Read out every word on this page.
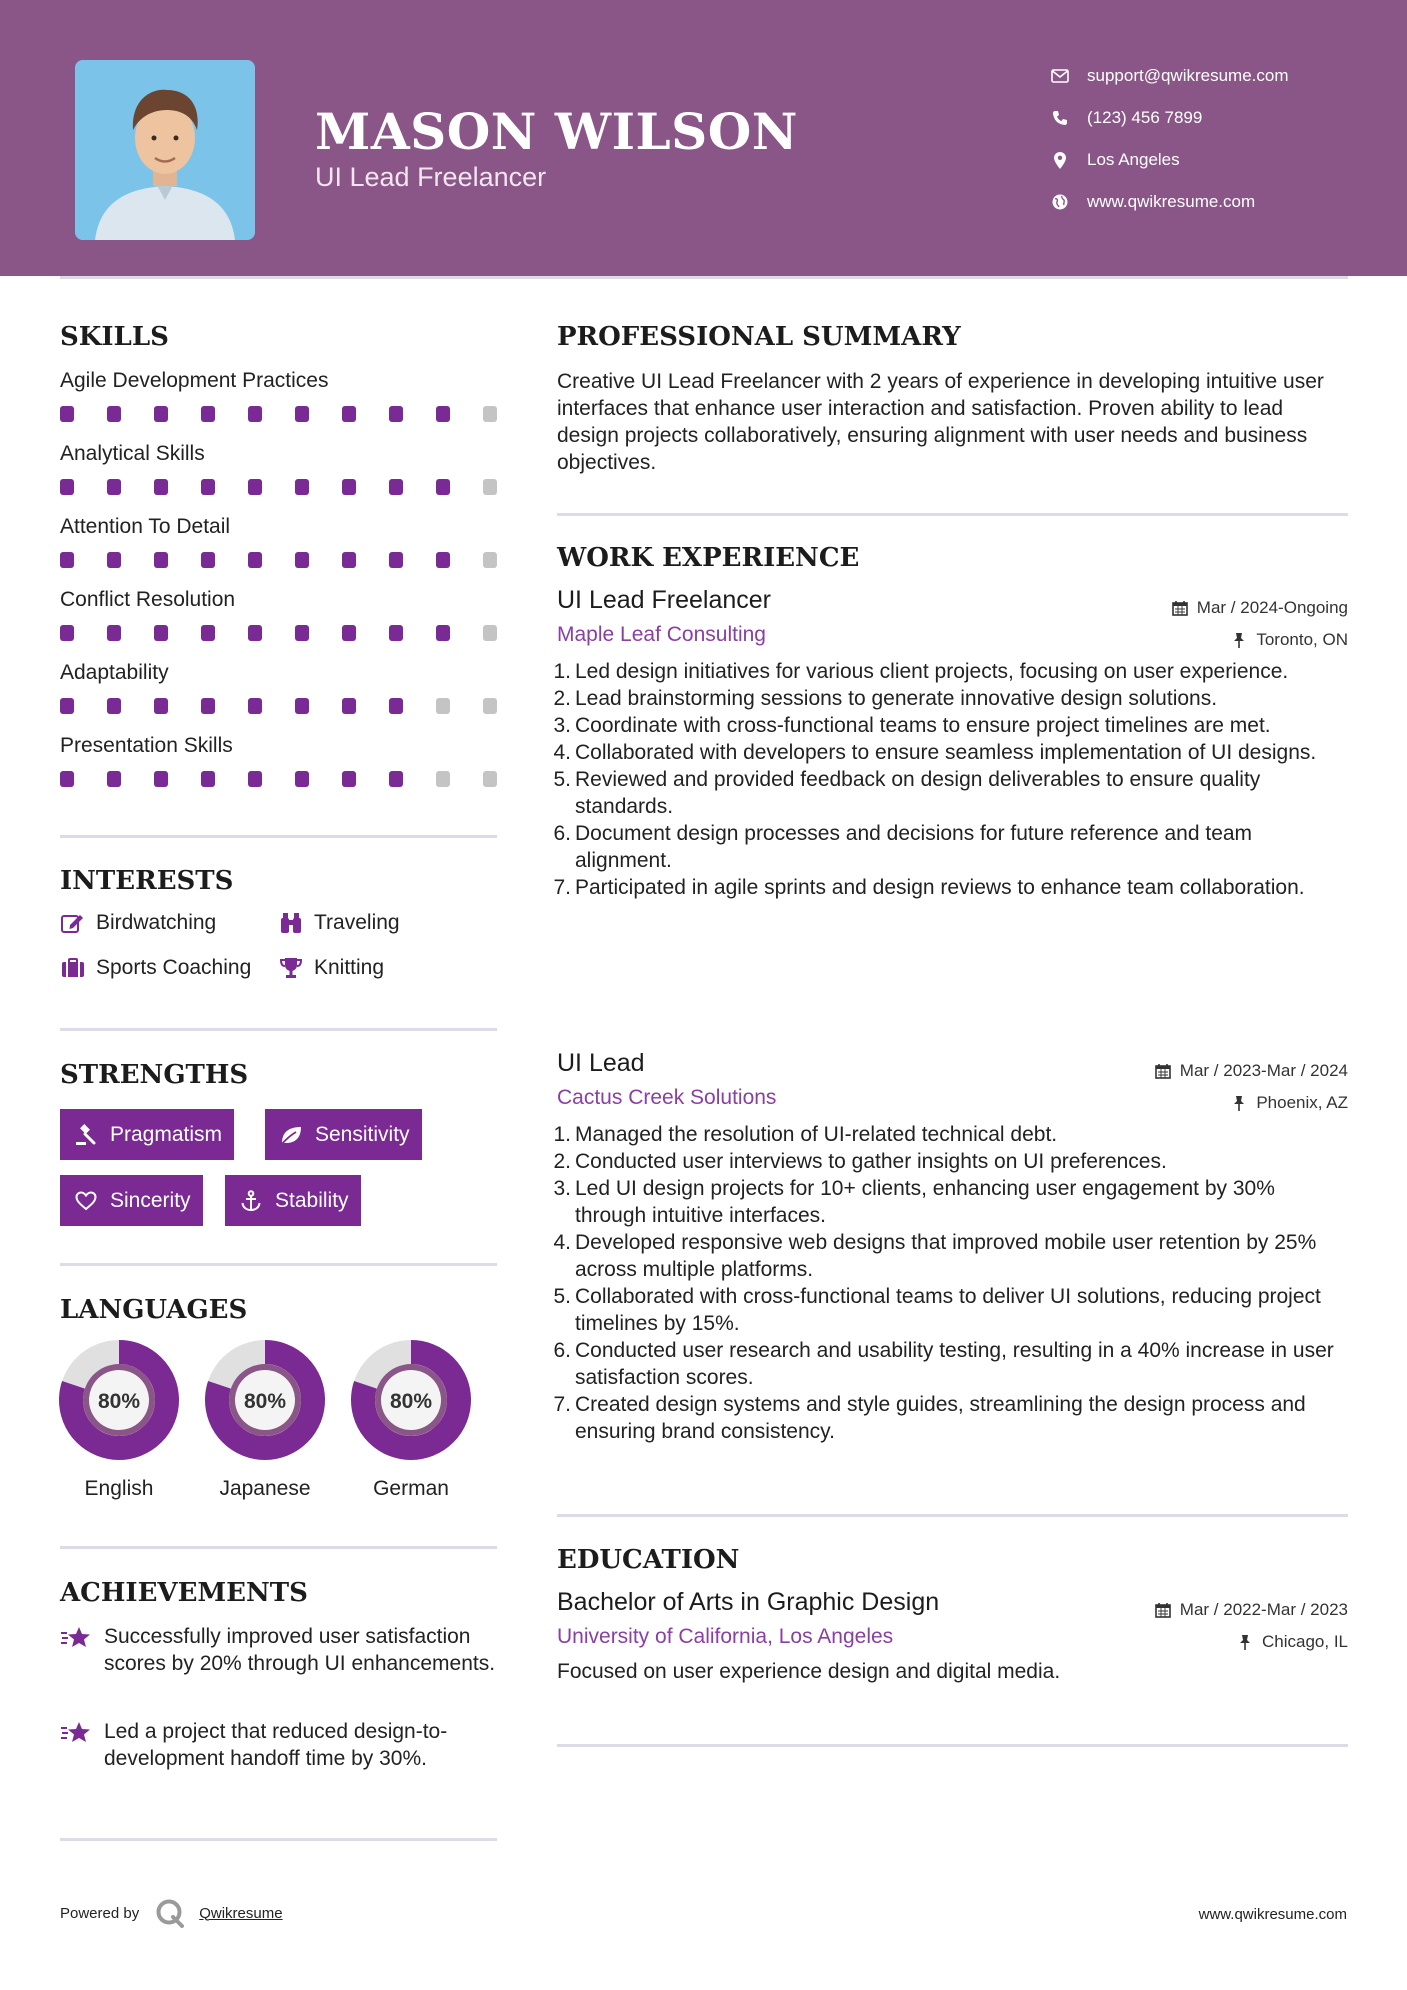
MASON WILSON
UI Lead Freelancer
support@qwikresume.com
(123) 456 7899
Los Angeles
www.qwikresume.com
SKILLS
Agile Development Practices
Analytical Skills
Attention To Detail
Conflict Resolution
Adaptability
Presentation Skills
INTERESTS
Birdwatching	Traveling
Sports Coaching	Knitting
STRENGTHS
Pragmatism	Sensitivity
Sincerity	Stability
LANGUAGES
80%
English
80%
Japanese
80%
German
ACHIEVEMENTS
Successfully improved user satisfaction scores by 20% through UI enhancements.
Led a project that reduced design-to-development handoff time by 30%.
PROFESSIONAL SUMMARY
Creative UI Lead Freelancer with 2 years of experience in developing intuitive user interfaces that enhance user interaction and satisfaction. Proven ability to lead design projects collaboratively, ensuring alignment with user needs and business objectives.
WORK EXPERIENCE
UI Lead Freelancer	Mar / 2024-Ongoing
Maple Leaf Consulting	Toronto, ON
1. Led design initiatives for various client projects, focusing on user experience.
2. Lead brainstorming sessions to generate innovative design solutions.
3. Coordinate with cross-functional teams to ensure project timelines are met.
4. Collaborated with developers to ensure seamless implementation of UI designs.
5. Reviewed and provided feedback on design deliverables to ensure quality standards.
6. Document design processes and decisions for future reference and team alignment.
7. Participated in agile sprints and design reviews to enhance team collaboration.
UI Lead	Mar / 2023-Mar / 2024
Cactus Creek Solutions	Phoenix, AZ
1. Managed the resolution of UI-related technical debt.
2. Conducted user interviews to gather insights on UI preferences.
3. Led UI design projects for 10+ clients, enhancing user engagement by 30% through intuitive interfaces.
4. Developed responsive web designs that improved mobile user retention by 25% across multiple platforms.
5. Collaborated with cross-functional teams to deliver UI solutions, reducing project timelines by 15%.
6. Conducted user research and usability testing, resulting in a 40% increase in user satisfaction scores.
7. Created design systems and style guides, streamlining the design process and ensuring brand consistency.
EDUCATION
Bachelor of Arts in Graphic Design	Mar / 2022-Mar / 2023
University of California, Los Angeles	Chicago, IL
Focused on user experience design and digital media.
Powered by	Qwikresume	www.qwikresume.com
